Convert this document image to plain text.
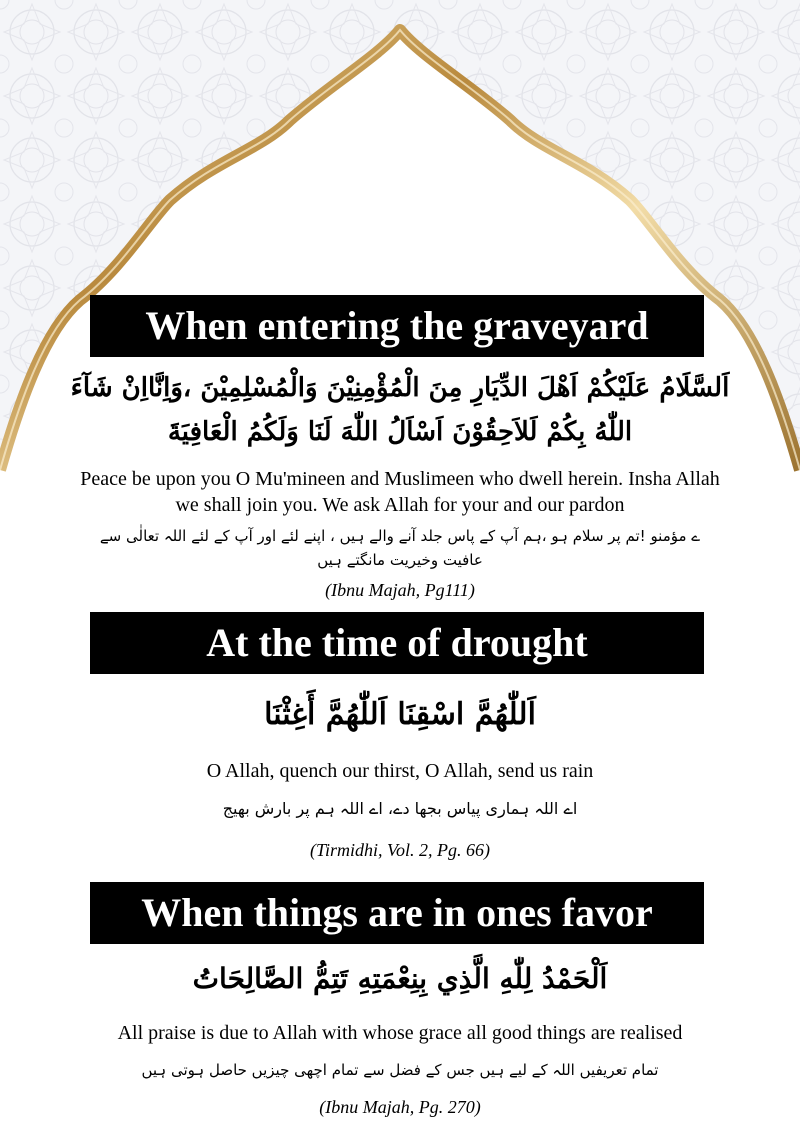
When entering the graveyard
اَلسَّلَامُ عَلَيْكُمْ اَهْلَ الدِّيَارِ مِنَ الْمُؤْمِنِيْنَ وَالْمُسْلِمِيْنَ ،وَاِنَّااِنْ شَآءَ
اللّٰهُ بِكُمْ لَلاَحِقُوْنَ اَسْاَلُ اللّٰهَ لَنَا وَلَكُمُ الْعَافِيَةَ
Peace be upon you O Mu'mineen and Muslimeen who dwell herein. Insha Allah
we shall join you. We ask Allah for your and our pardon
ے مؤمنو !تم پر سلام ہو ،ہم آپ کے پاس جلد آنے والے ہیں ، اپنے لئے اور آپ کے لئے اللہ تعالٰی سے
عافیت وخیریت مانگتے ہیں
(Ibnu Majah, Pg111)
At the time of drought
اَللّٰهُمَّ اسْقِنَا اَللّٰهُمَّ أَغِثْنَا
O Allah, quench our thirst, O Allah, send us rain
اے اللہ ہماری پیاس بجھا دے، اے اللہ ہم پر بارش بھیج
(Tirmidhi, Vol. 2, Pg. 66)
When things are in ones favor
اَلْحَمْدُ لِلّٰهِ الَّذِي بِنِعْمَتِهِ تَتِمُّ الصَّالِحَاتُ
All praise is due to Allah with whose grace all good things are realised
تمام تعریفیں اللہ کے لیے ہیں جس کے فضل سے تمام اچھی چیزیں حاصل ہوتی ہیں
(Ibnu Majah, Pg. 270)
